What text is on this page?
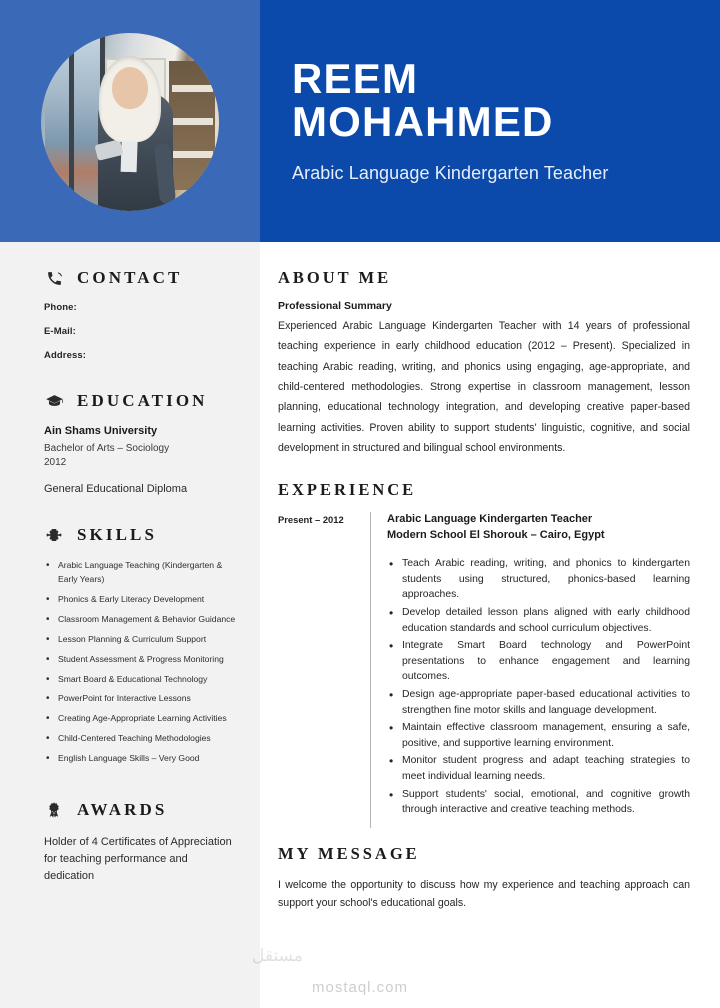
REEM
MOHAHMED
Arabic Language Kindergarten Teacher
CONTACT
Phone:
E-Mail:
Address:
EDUCATION
Ain Shams University
Bachelor of Arts – Sociology
2012
General Educational Diploma
SKILLS
• Arabic Language Teaching (Kindergarten & Early Years)
• Phonics & Early Literacy Development
• Classroom Management & Behavior Guidance
• Lesson Planning & Curriculum Support
• Student Assessment & Progress Monitoring
• Smart Board & Educational Technology
• PowerPoint for Interactive Lessons
• Creating Age-Appropriate Learning Activities
• Child-Centered Teaching Methodologies
• English Language Skills – Very Good
AWARDS
Holder of 4 Certificates of Appreciation for teaching performance and dedication
ABOUT ME
Professional Summary
Experienced Arabic Language Kindergarten Teacher with 14 years of professional teaching experience in early childhood education (2012 – Present). Specialized in teaching Arabic reading, writing, and phonics using engaging, age-appropriate, and child-centered methodologies. Strong expertise in classroom management, lesson planning, educational technology integration, and developing creative paper-based learning activities. Proven ability to support students' linguistic, cognitive, and social development in structured and bilingual school environments.
EXPERIENCE
Present – 2012	Arabic Language Kindergarten Teacher
Modern School El Shorouk – Cairo, Egypt
• Teach Arabic reading, writing, and phonics to kindergarten students using structured, phonics-based learning approaches.
• Develop detailed lesson plans aligned with early childhood education standards and school curriculum objectives.
• Integrate Smart Board technology and PowerPoint presentations to enhance engagement and learning outcomes.
• Design age-appropriate paper-based educational activities to strengthen fine motor skills and language development.
• Maintain effective classroom management, ensuring a safe, positive, and supportive learning environment.
• Monitor student progress and adapt teaching strategies to meet individual learning needs.
• Support students' social, emotional, and cognitive growth through interactive and creative teaching methods.
MY MESSAGE
I welcome the opportunity to discuss how my experience and teaching approach can support your school's educational goals.
مستقل
mostaql.com
